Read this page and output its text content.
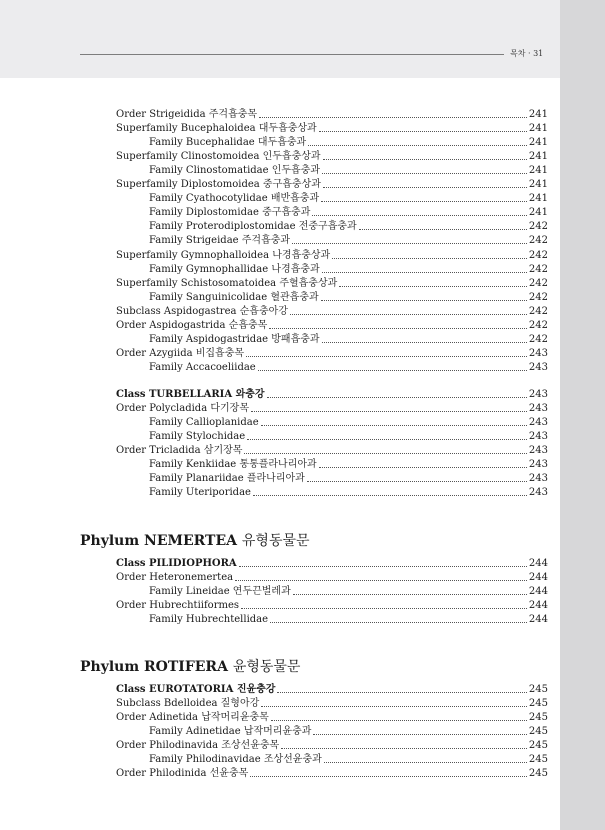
목차 · 31
Phylum NEMERTEA 유형동물문
Phylum ROTIFERA 윤형동물문
Order Strigeidida 주걱흡충목	241
Superfamily Bucephaloidea 대두흡충상과	241
Family Bucephalidae 대두흡충과	241
Superfamily Clinostomoidea 인두흡충상과	241
Family Clinostomatidae 인두흡충과	241
Superfamily Diplostomoidea 중구흡충상과	241
Family Cyathocotylidae 배반흡충과	241
Family Diplostomidae 중구흡충과	241
Family Proterodiplostomidae 전중구흡충과	242
Family Strigeidae 주걱흡충과	242
Superfamily Gymnophalloidea 나경흡충상과	242
Family Gymnophallidae 나경흡충과	242
Superfamily Schistosomatoidea 주혈흡충상과	242
Family Sanguinicolidae 혈관흡충과	242
Subclass Aspidogastrea 순흡충아강	242
Order Aspidogastrida 순흡충목	242
Family Aspidogastridae 방패흡충과	242
Order Azygiida 비집흡충목	243
Family Accacoeliidae	243
Class TURBELLARIA 와충강	243
Order Polycladida 다기장목	243
Family Callioplanidae	243
Family Stylochidae	243
Order Tricladida 삼기장목	243
Family Kenkiidae 통통플라나리아과	243
Family Planariidae 플라나리아과	243
Family Uteriporidae	243
Class PILIDIOPHORA	244
Order Heteronemertea	244
Family Lineidae 연두끈벌레과	244
Order Hubrechtiiformes	244
Family Hubrechtellidae	244
Class EUROTATORIA 진윤충강	245
Subclass Bdelloidea 질형아강	245
Order Adinetida 납작머리윤충목	245
Family Adinetidae 납작머리윤충과	245
Order Philodinavida 조상선윤충목	245
Family Philodinavidae 조상선윤충과	245
Order Philodinida 선윤충목	245
